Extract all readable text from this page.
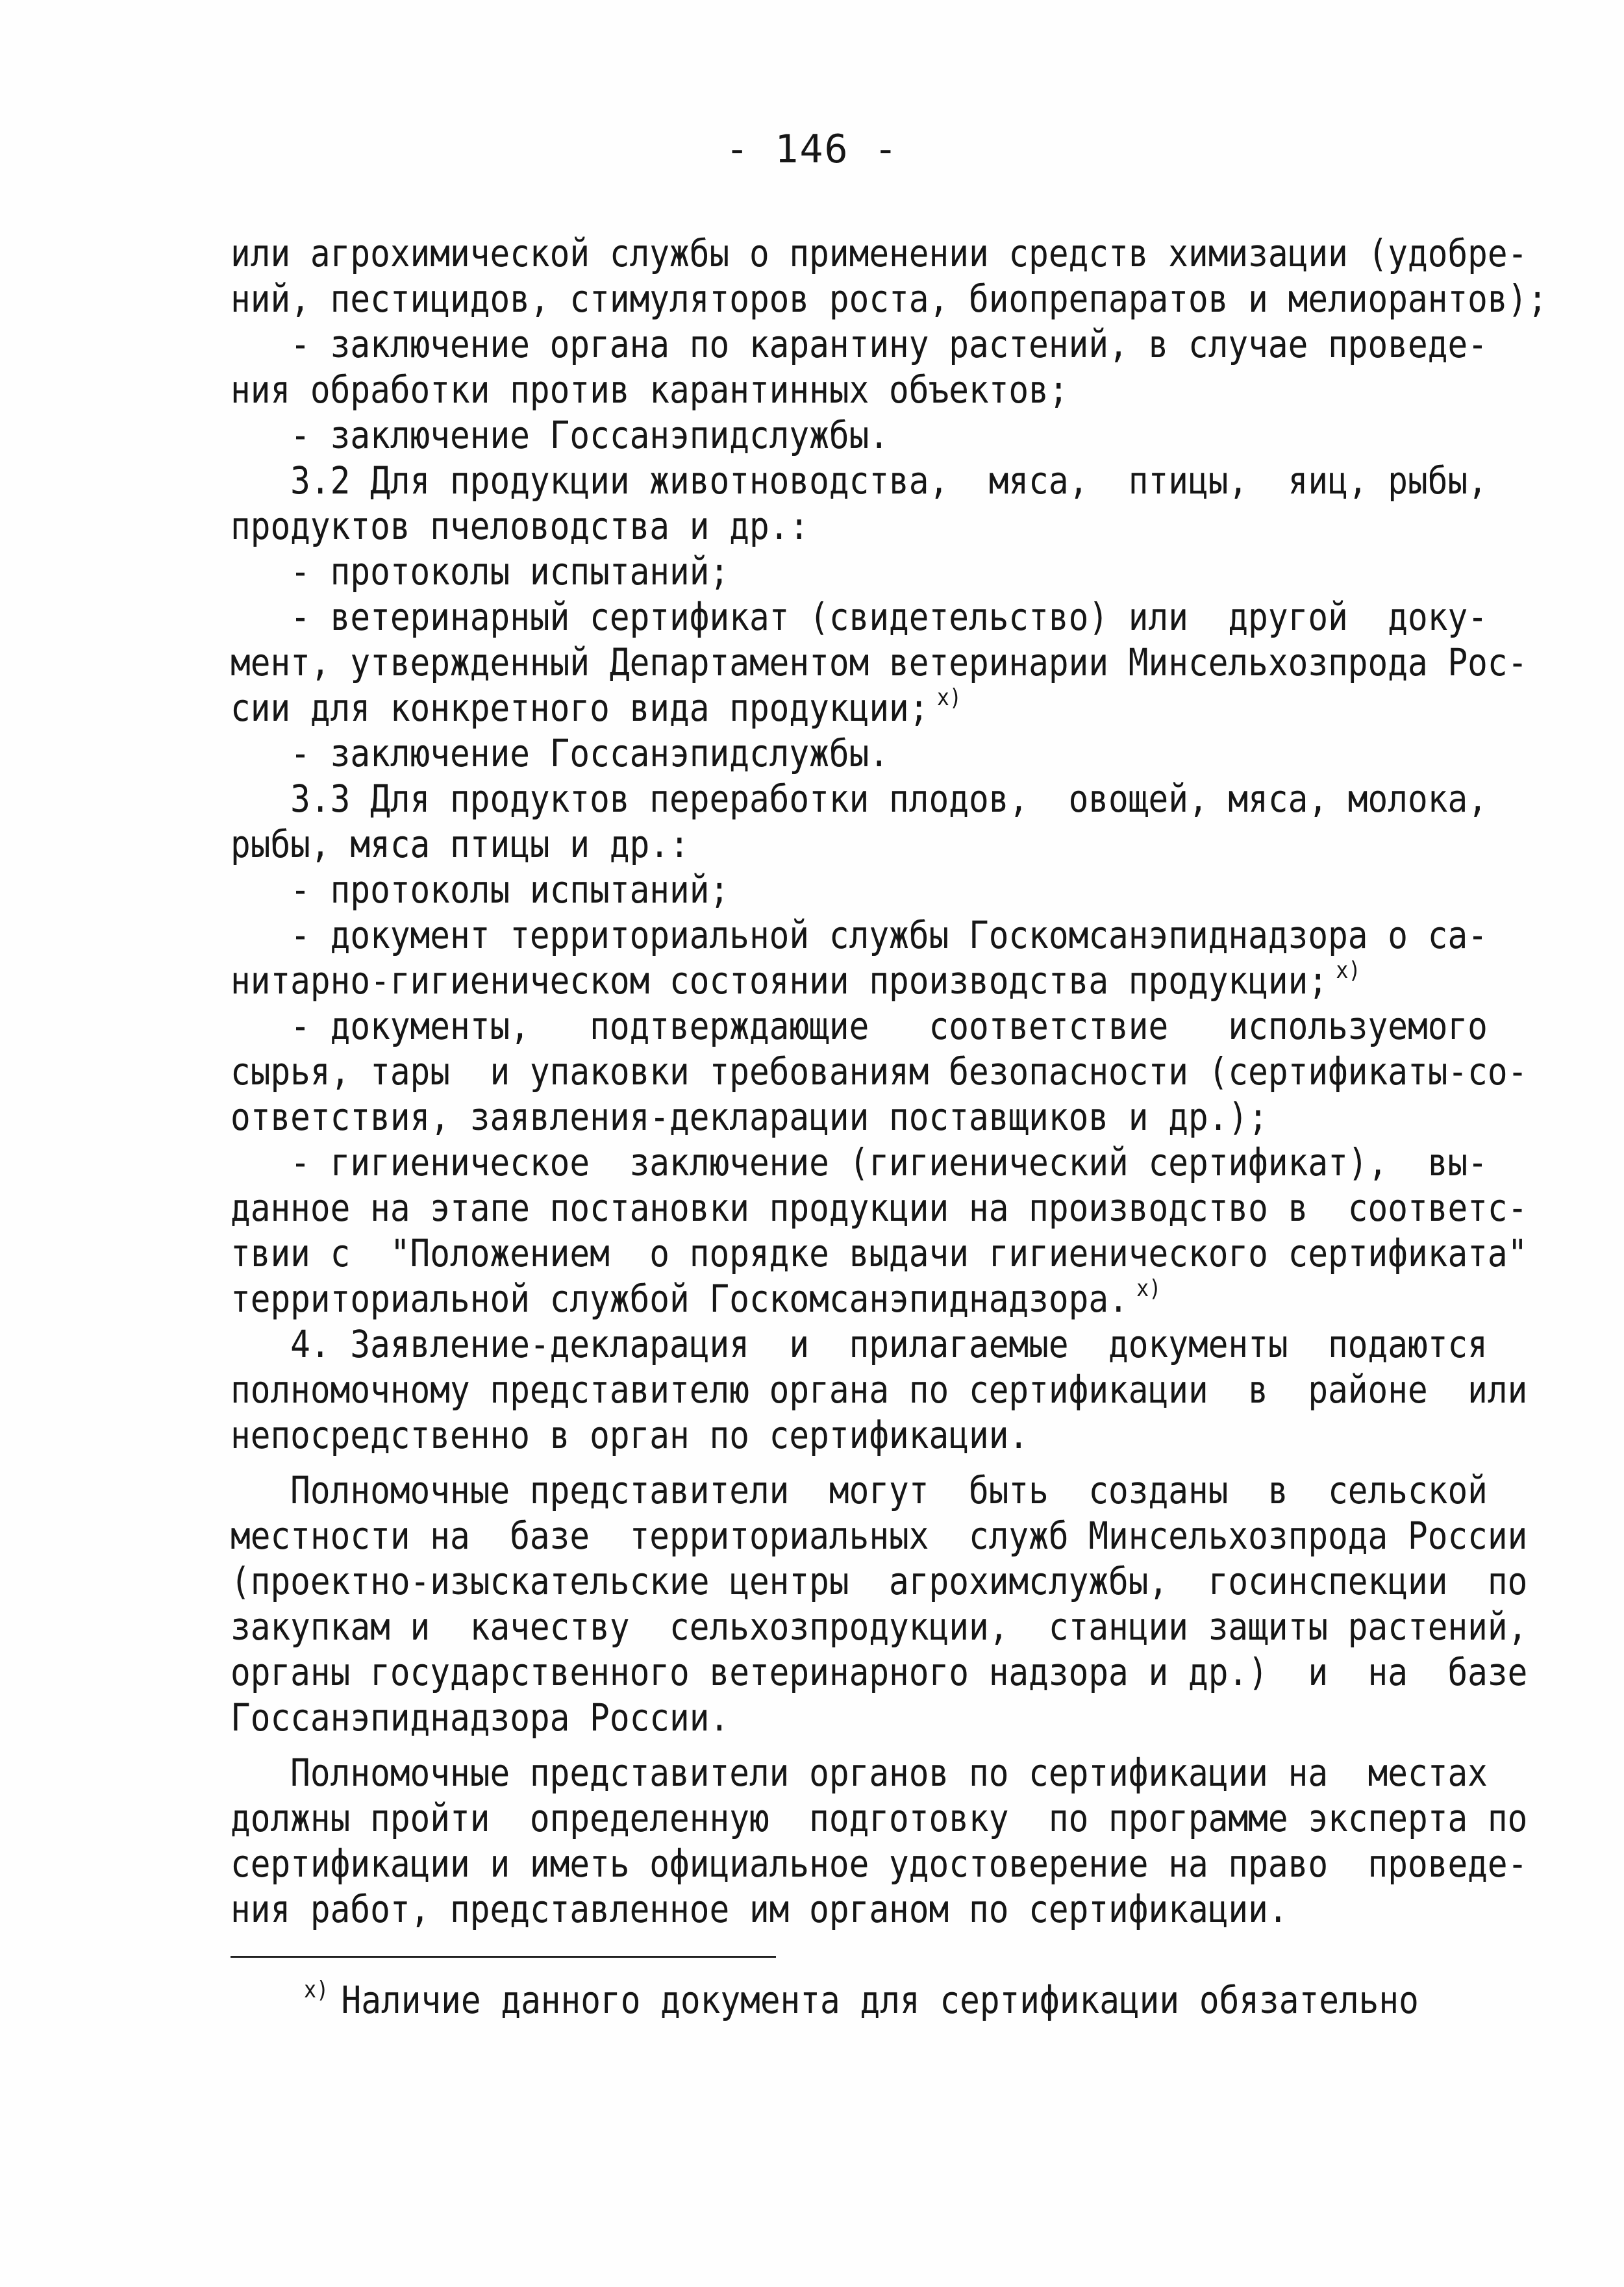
- 146 -
или агрохимической службы о применении средств химизации (удобре-
ний, пестицидов, стимуляторов роста, биопрепаратов и мелиорантов);
- заключение органа по карантину растений, в случае проведе-
ния обработки против карантинных объектов;
- заключение Госсанэпидслужбы.
3.2 Для продукции животноводства,  мяса,  птицы,  яиц, рыбы,
продуктов пчеловодства и др.:
- протоколы испытаний;
- ветеринарный сертификат (свидетельство) или  другой  доку-
мент, утвержденный Департаментом ветеринарии Минсельхозпрода Рос-
сии для конкретного вида продукции; $^{x)}$
- заключение Госсанэпидслужбы.
3.3 Для продуктов переработки плодов,  овощей, мяса, молока,
рыбы, мяса птицы и др.:
- протоколы испытаний;
- документ территориальной службы Госкомсанэпиднадзора о са-
нитарно-гигиеническом состоянии производства продукции; $^{x)}$
- документы,   подтверждающие   соответствие   используемого
сырья, тары  и упаковки требованиям безопасности (сертификаты-со-
ответствия, заявления-декларации поставщиков и др.);
- гигиеническое  заключение (гигиенический сертификат),  вы-
данное на этапе постановки продукции на производство в  соответс-
твии с  "Положением  о порядке выдачи гигиенического сертификата"
территориальной службой Госкомсанэпиднадзора. $^{x)}$
4. Заявление-декларация  и  прилагаемые  документы  подаются
полномочному представителю органа по сертификации  в  районе  или
непосредственно в орган по сертификации.
Полномочные представители  могут  быть  созданы  в  сельской
местности на  базе  территориальных  служб Минсельхозпрода России
(проектно-изыскательские центры  агрохимслужбы,  госинспекции  по
закупкам и  качеству  сельхозпродукции,  станции защиты растений,
органы государственного ветеринарного надзора и др.)  и  на  базе
Госсанэпиднадзора России.
Полномочные представители органов по сертификации на  местах
должны пройти  определенную  подготовку  по программе эксперта по
сертификации и иметь официальное удостоверение на право  проведе-
ния работ, представленное им органом по сертификации.
$^{x)}$ Наличие данного документа для сертификации обязательно
